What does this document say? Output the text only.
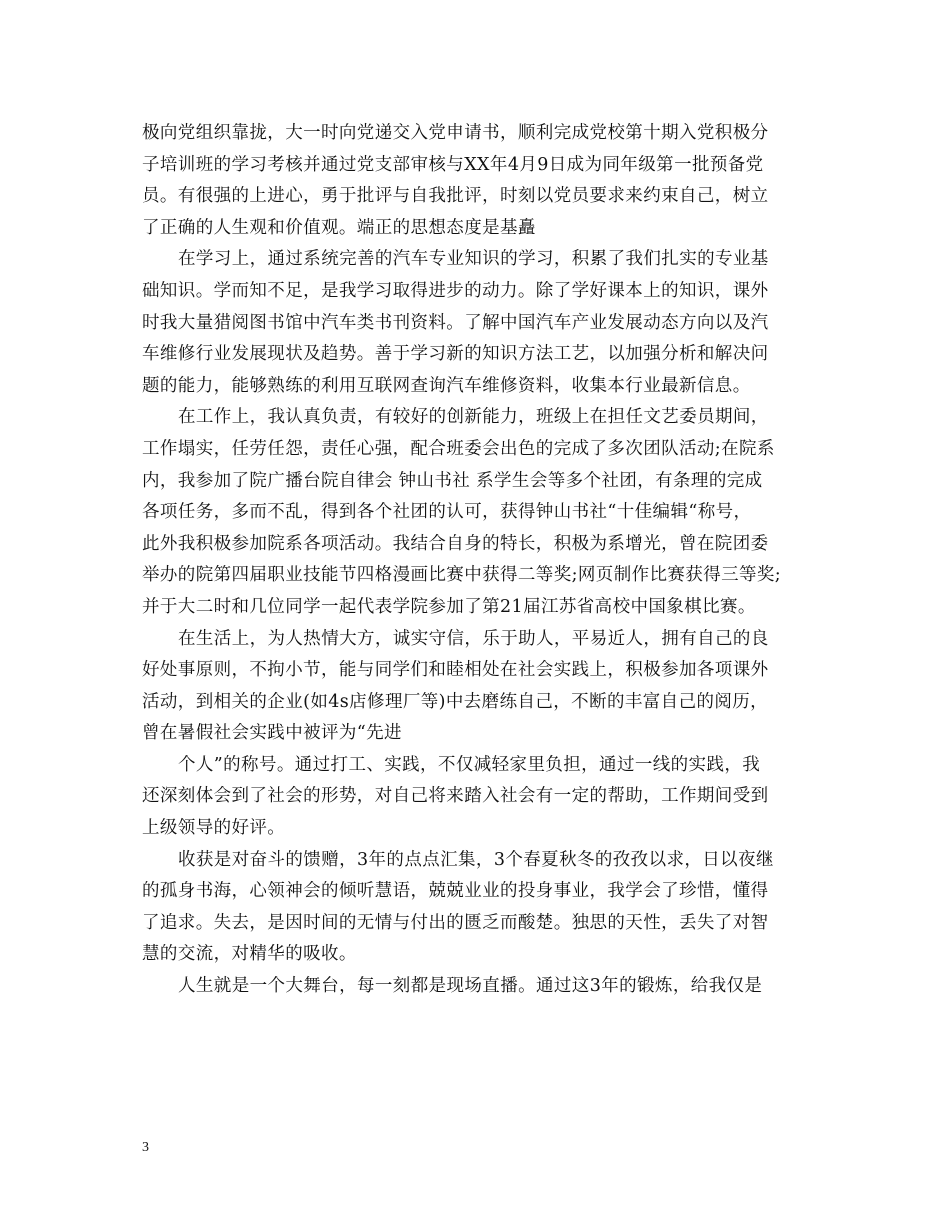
极向党组织靠拢，大一时向党递交入党申请书，顺利完成党校第十期入党积极分
子培训班的学习考核并通过党支部审核与XX年4月9日成为同年级第一批预备党
员。有很强的上进心，勇于批评与自我批评，时刻以党员要求来约束自己，树立
了正确的人生观和价值观。端正的思想态度是基矗
在学习上，通过系统完善的汽车专业知识的学习，积累了我们扎实的专业基
础知识。学而知不足，是我学习取得进步的动力。除了学好课本上的知识，课外
时我大量猎阅图书馆中汽车类书刊资料。了解中国汽车产业发展动态方向以及汽
车维修行业发展现状及趋势。善于学习新的知识方法工艺，以加强分析和解决问
题的能力，能够熟练的利用互联网查询汽车维修资料，收集本行业最新信息。
在工作上，我认真负责，有较好的创新能力，班级上在担任文艺委员期间，
工作塌实，任劳任怨，责任心强，配合班委会出色的完成了多次团队活动;在院系
内，我参加了院广播台院自律会 钟山书社 系学生会等多个社团，有条理的完成
各项任务，多而不乱，得到各个社团的认可，获得钟山书社“十佳编辑“称号，
此外我积极参加院系各项活动。我结合自身的特长，积极为系增光，曾在院团委
举办的院第四届职业技能节四格漫画比赛中获得二等奖;网页制作比赛获得三等奖;
并于大二时和几位同学一起代表学院参加了第21届江苏省高校中国象棋比赛。
在生活上，为人热情大方，诚实守信，乐于助人，平易近人，拥有自己的良
好处事原则，不拘小节，能与同学们和睦相处在社会实践上，积极参加各项课外
活动，到相关的企业(如4s店修理厂等)中去磨练自己，不断的丰富自己的阅历，
曾在暑假社会实践中被评为“先进
个人”的称号。通过打工、实践，不仅减轻家里负担，通过一线的实践，我
还深刻体会到了社会的形势，对自己将来踏入社会有一定的帮助，工作期间受到
上级领导的好评。
收获是对奋斗的馈赠，3年的点点汇集，3个春夏秋冬的孜孜以求，日以夜继
的孤身书海，心领神会的倾听慧语，兢兢业业的投身事业，我学会了珍惜，懂得
了追求。失去，是因时间的无情与付出的匮乏而酸楚。独思的天性，丢失了对智
慧的交流，对精华的吸收。
人生就是一个大舞台，每一刻都是现场直播。通过这3年的锻炼，给我仅是
3
